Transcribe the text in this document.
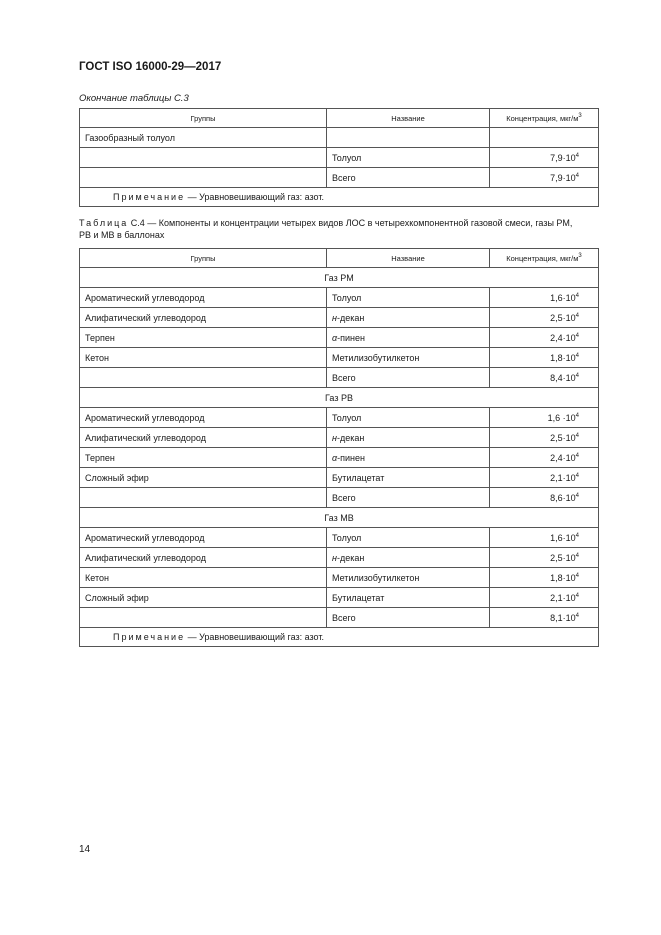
ГОСТ ISO 16000-29—2017
Окончание таблицы С.3
Группы	Название	Концентрация, мкг/$м^3$
Газообразный толуол		
	Толуол	$7,9\cdot 10^4$
	Всего	$7,9\cdot 10^4$
Примечание — Уравновешивающий газ: азот.		
Таблица С.4 — Компоненты и концентрации четырех видов ЛОС в четырехкомпонентной газовой смеси, газы PM, PB и MB в баллонах
Группы	Название	Концентрация, мкг/$м^3$
Газ PM		
Ароматический углеводород	Толуол	$1,6\cdot 10^4$
Алифатический углеводород	н-декан	$2,5\cdot 10^4$
Терпен	α-пинен	$2,4\cdot 10^4$
Кетон	Метилизобутилкетон	$1,8\cdot 10^4$
	Всего	$8,4\cdot 10^4$
Газ PB		
Ароматический углеводород	Толуол	$1,6 \cdot 10^4$
Алифатический углеводород	н-декан	$2,5\cdot 10^4$
Терпен	α-пинен	$2,4\cdot 10^4$
Сложный эфир	Бутилацетат	$2,1\cdot 10^4$
	Всего	$8,6\cdot 10^4$
Газ MB		
Ароматический углеводород	Толуол	$1,6\cdot 10^4$
Алифатический углеводород	н-декан	$2,5\cdot 10^4$
Кетон	Метилизобутилкетон	$1,8\cdot 10^4$
Сложный эфир	Бутилацетат	$2,1\cdot 10^4$
	Всего	$8,1\cdot 10^4$
Примечание — Уравновешивающий газ: азот.		
14
